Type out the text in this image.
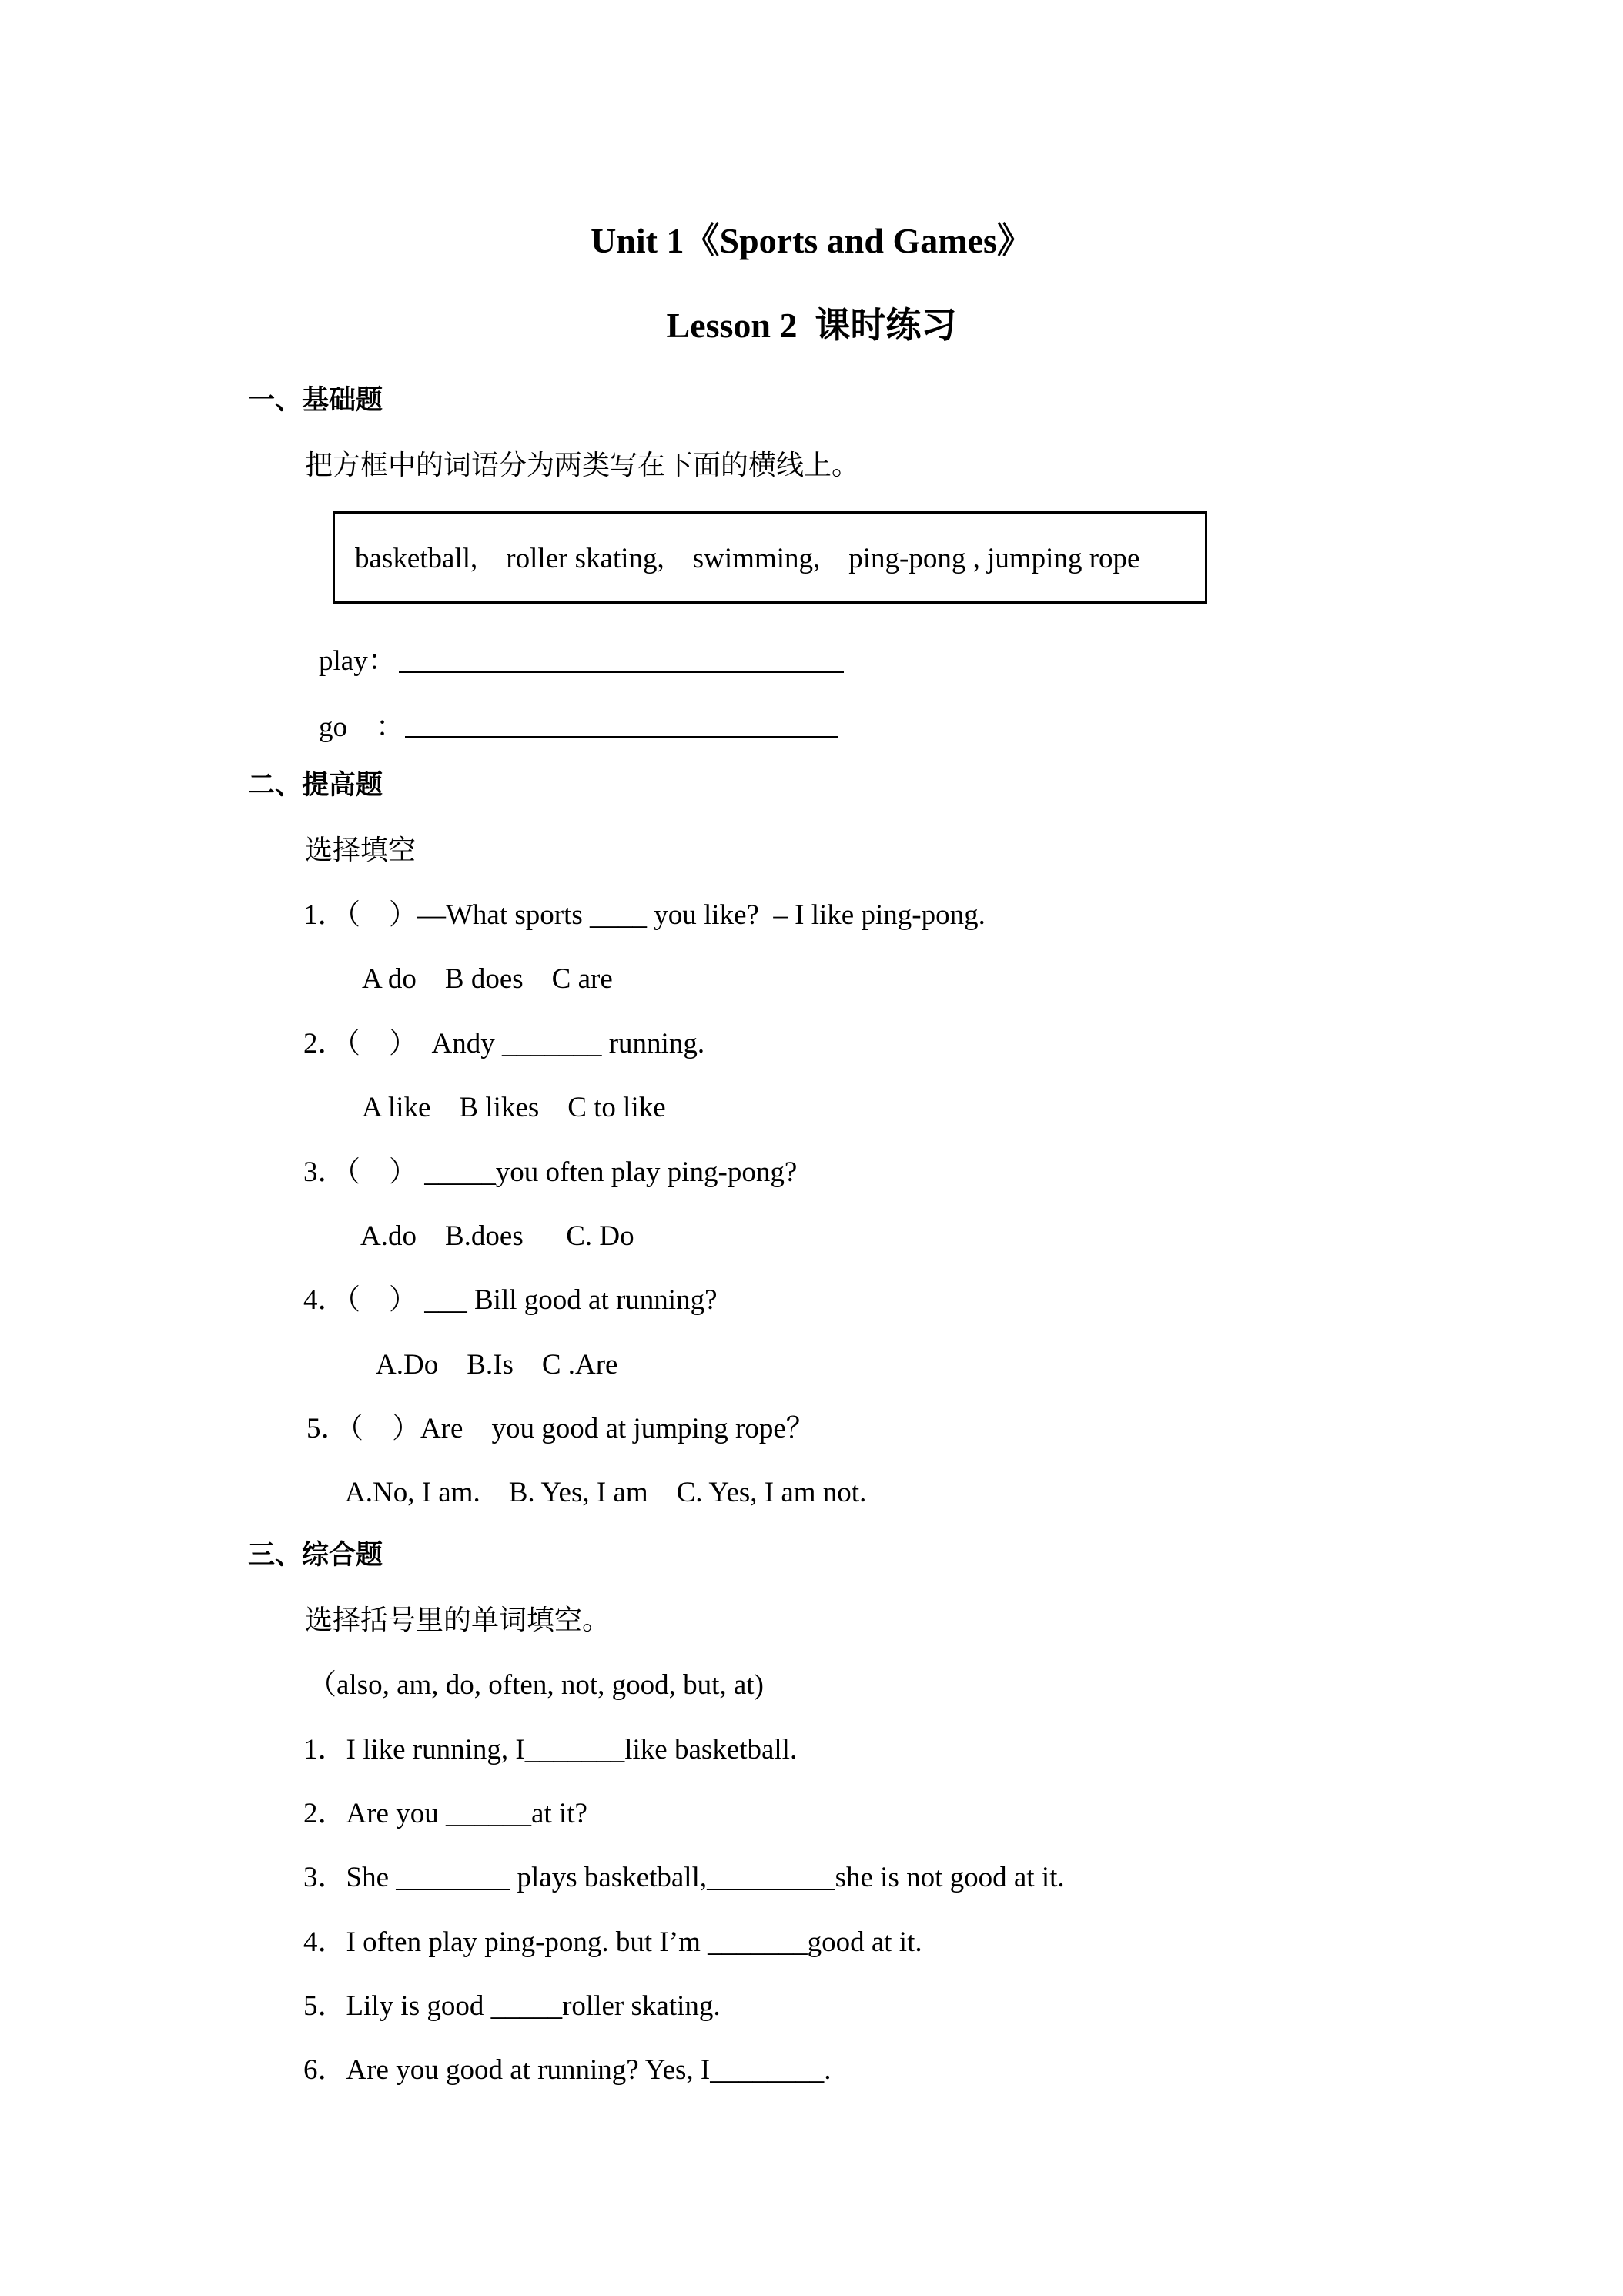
Unit 1《Sports and Games》
Lesson 2  课时练习
一、基础题
把方框中的词语分为两类写在下面的横线上。
basketball,    roller skating,    swimming,    ping-pong , jumping rope
play：
go    ：
二、提高题
选择填空
1．（    ）—What sports ____ you like?  – I like ping-pong.
A do    B does    C are
2．（    ）  Andy _______ running.
A like    B likes    C to like
3．（    ） _____you often play ping-pong?
A.do    B.does      C. Do
4．（    ） ___ Bill good at running?
A.Do    B.Is    C .Are
5．（    ）Are    you good at jumping rope？
A.No, I am.    B. Yes, I am    C. Yes, I am not.
三、综合题
选择括号里的单词填空。
（also, am, do, often, not, good, but, at)
1．I like running, I_______like basketball.
2．Are you ______at it?
3．She ________ plays basketball,_________she is not good at it.
4．I often play ping-pong. but I’m _______good at it.
5．Lily is good _____roller skating.
6．Are you good at running? Yes, I________.
